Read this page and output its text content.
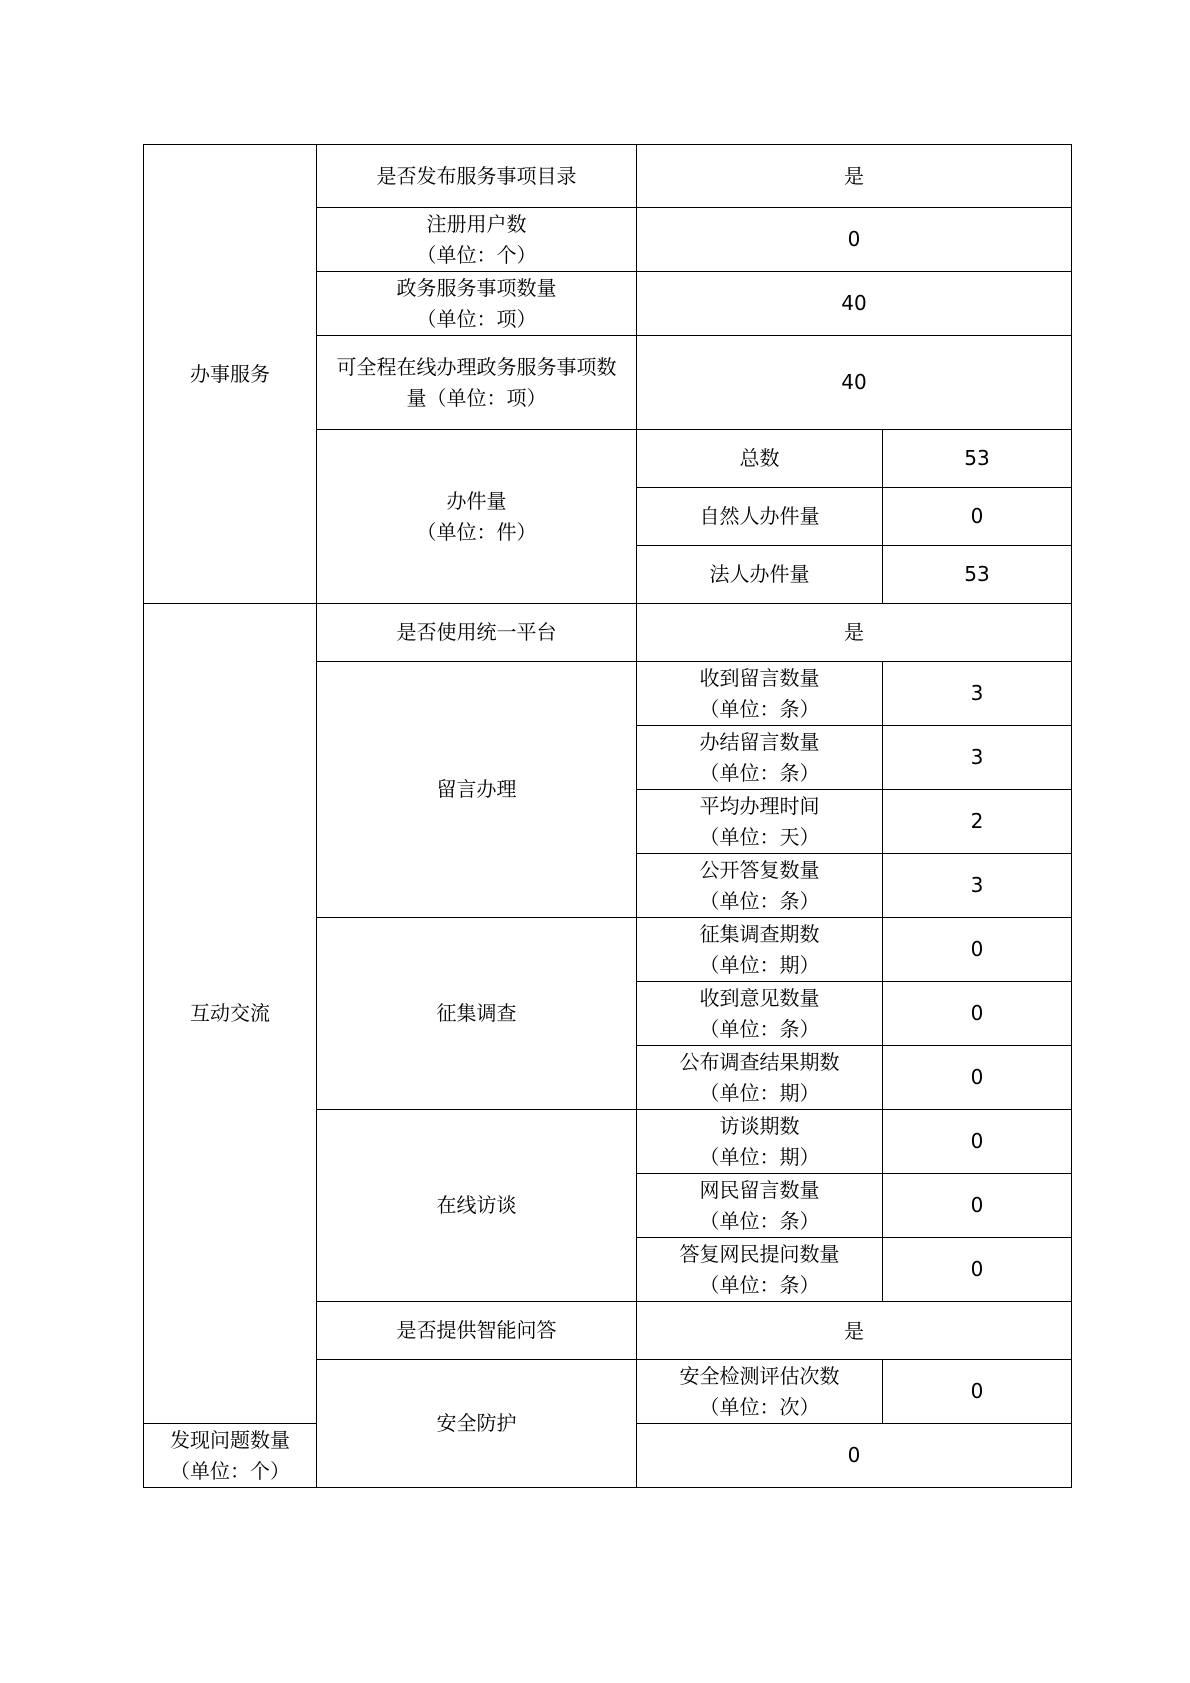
办事服务	是否发布服务事项目录	是	

	注册用户数
（单位：个）	0	

	政务服务事项数量
（单位：项）	40	

	可全程在线办理政务服务事项数
量（单位：项）	40	

	办件量
（单位：件）	总数	53
		自然人办件量	0
		法人办件量	53
互动交流	是否使用统一平台	是	
	留言办理	收到留言数量
（单位：条）	3

		办结留言数量
（单位：条）	3

		平均办理时间
（单位：天）	2

		公开答复数量
（单位：条）	3
	征集调查	征集调查期数
（单位：期）	0

		收到意见数量
（单位：条）	0

		公布调查结果期数
（单位：期）	0
	在线访谈	访谈期数
（单位：期）	0

		网民留言数量
（单位：条）	0

		答复网民提问数量
（单位：条）	0
	是否提供智能问答	是	
	安全防护	安全检测评估次数
（单位：次）	0

发现问题数量
（单位：个）		0	
